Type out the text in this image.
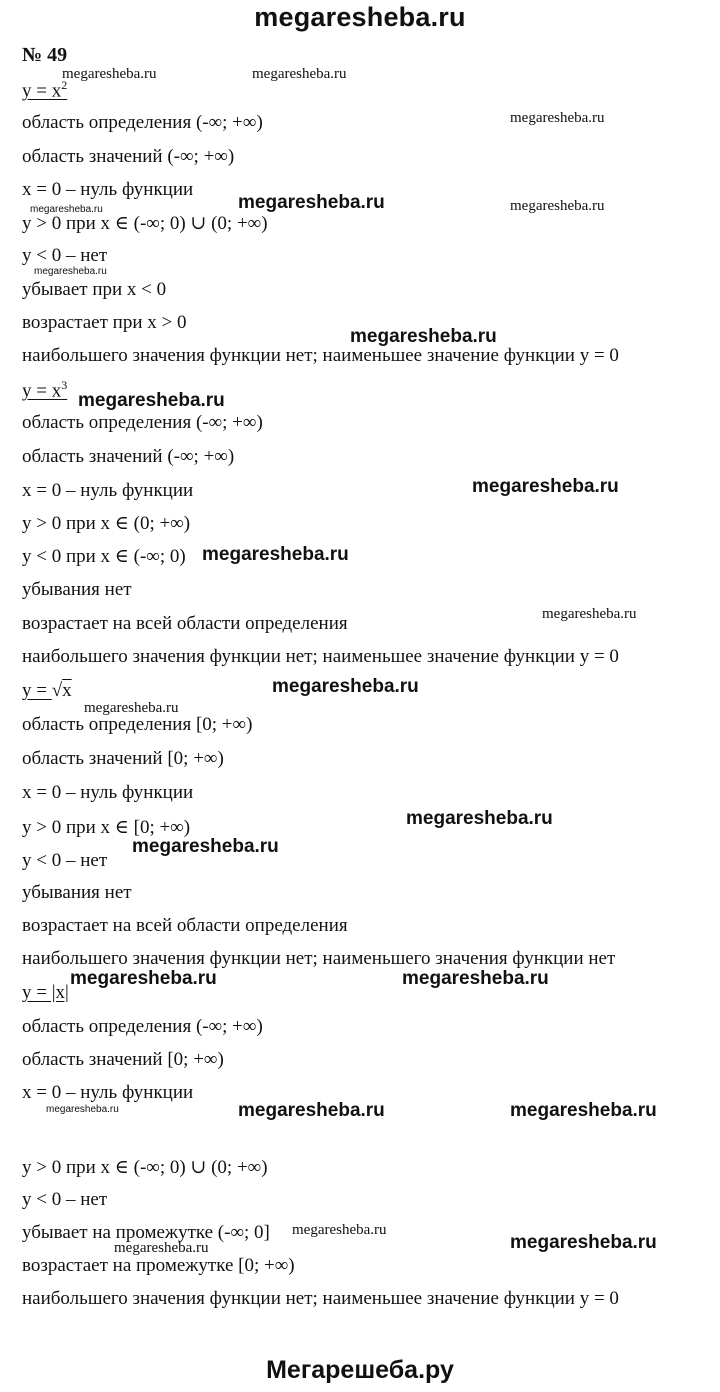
megaresheba.ru
№ 49
$y = x^2$
область определения (-∞; +∞)
область значений (-∞; +∞)
x = 0 – нуль функции
y > 0 при x ∈ (-∞; 0) ∪ (0; +∞)
y < 0 – нет
убывает при x < 0
возрастает при x > 0
наибольшего значения функции нет; наименьшее значение функции y = 0
$y = x^3$
область определения (-∞; +∞)
область значений (-∞; +∞)
x = 0 – нуль функции
y > 0 при x ∈ (0; +∞)
y < 0 при x ∈ (-∞; 0)
убывания нет
возрастает на всей области определения
наибольшего значения функции нет; наименьшее значение функции y = 0
y = √x
область определения [0; +∞)
область значений [0; +∞)
x = 0 – нуль функции
y > 0 при x ∈ [0; +∞)
y < 0 – нет
убывания нет
возрастает на всей области определения
наибольшего значения функции нет; наименьшего значения функции нет
y = |x|
область определения (-∞; +∞)
область значений [0; +∞)
x = 0 – нуль функции
y > 0 при x ∈ (-∞; 0) ∪ (0; +∞)
y < 0 – нет
убывает на промежутке (-∞; 0]
возрастает на промежутке [0; +∞)
наибольшего значения функции нет; наименьшее значение функции y = 0
megaresheba.ru	megaresheba.ru
megaresheba.ru
megaresheba.ru	megaresheba.ru
megaresheba.ru
megaresheba.ru
megaresheba.ru
megaresheba.ru
megaresheba.ru
megaresheba.ru
megaresheba.ru
megaresheba.ru
megaresheba.ru
megaresheba.ru
megaresheba.ru
megaresheba.ru	megaresheba.ru
megaresheba.ru	megaresheba.ru
megaresheba.ru
megaresheba.ru
megaresheba.ru	megaresheba.ru
Мегарешеба.ру
